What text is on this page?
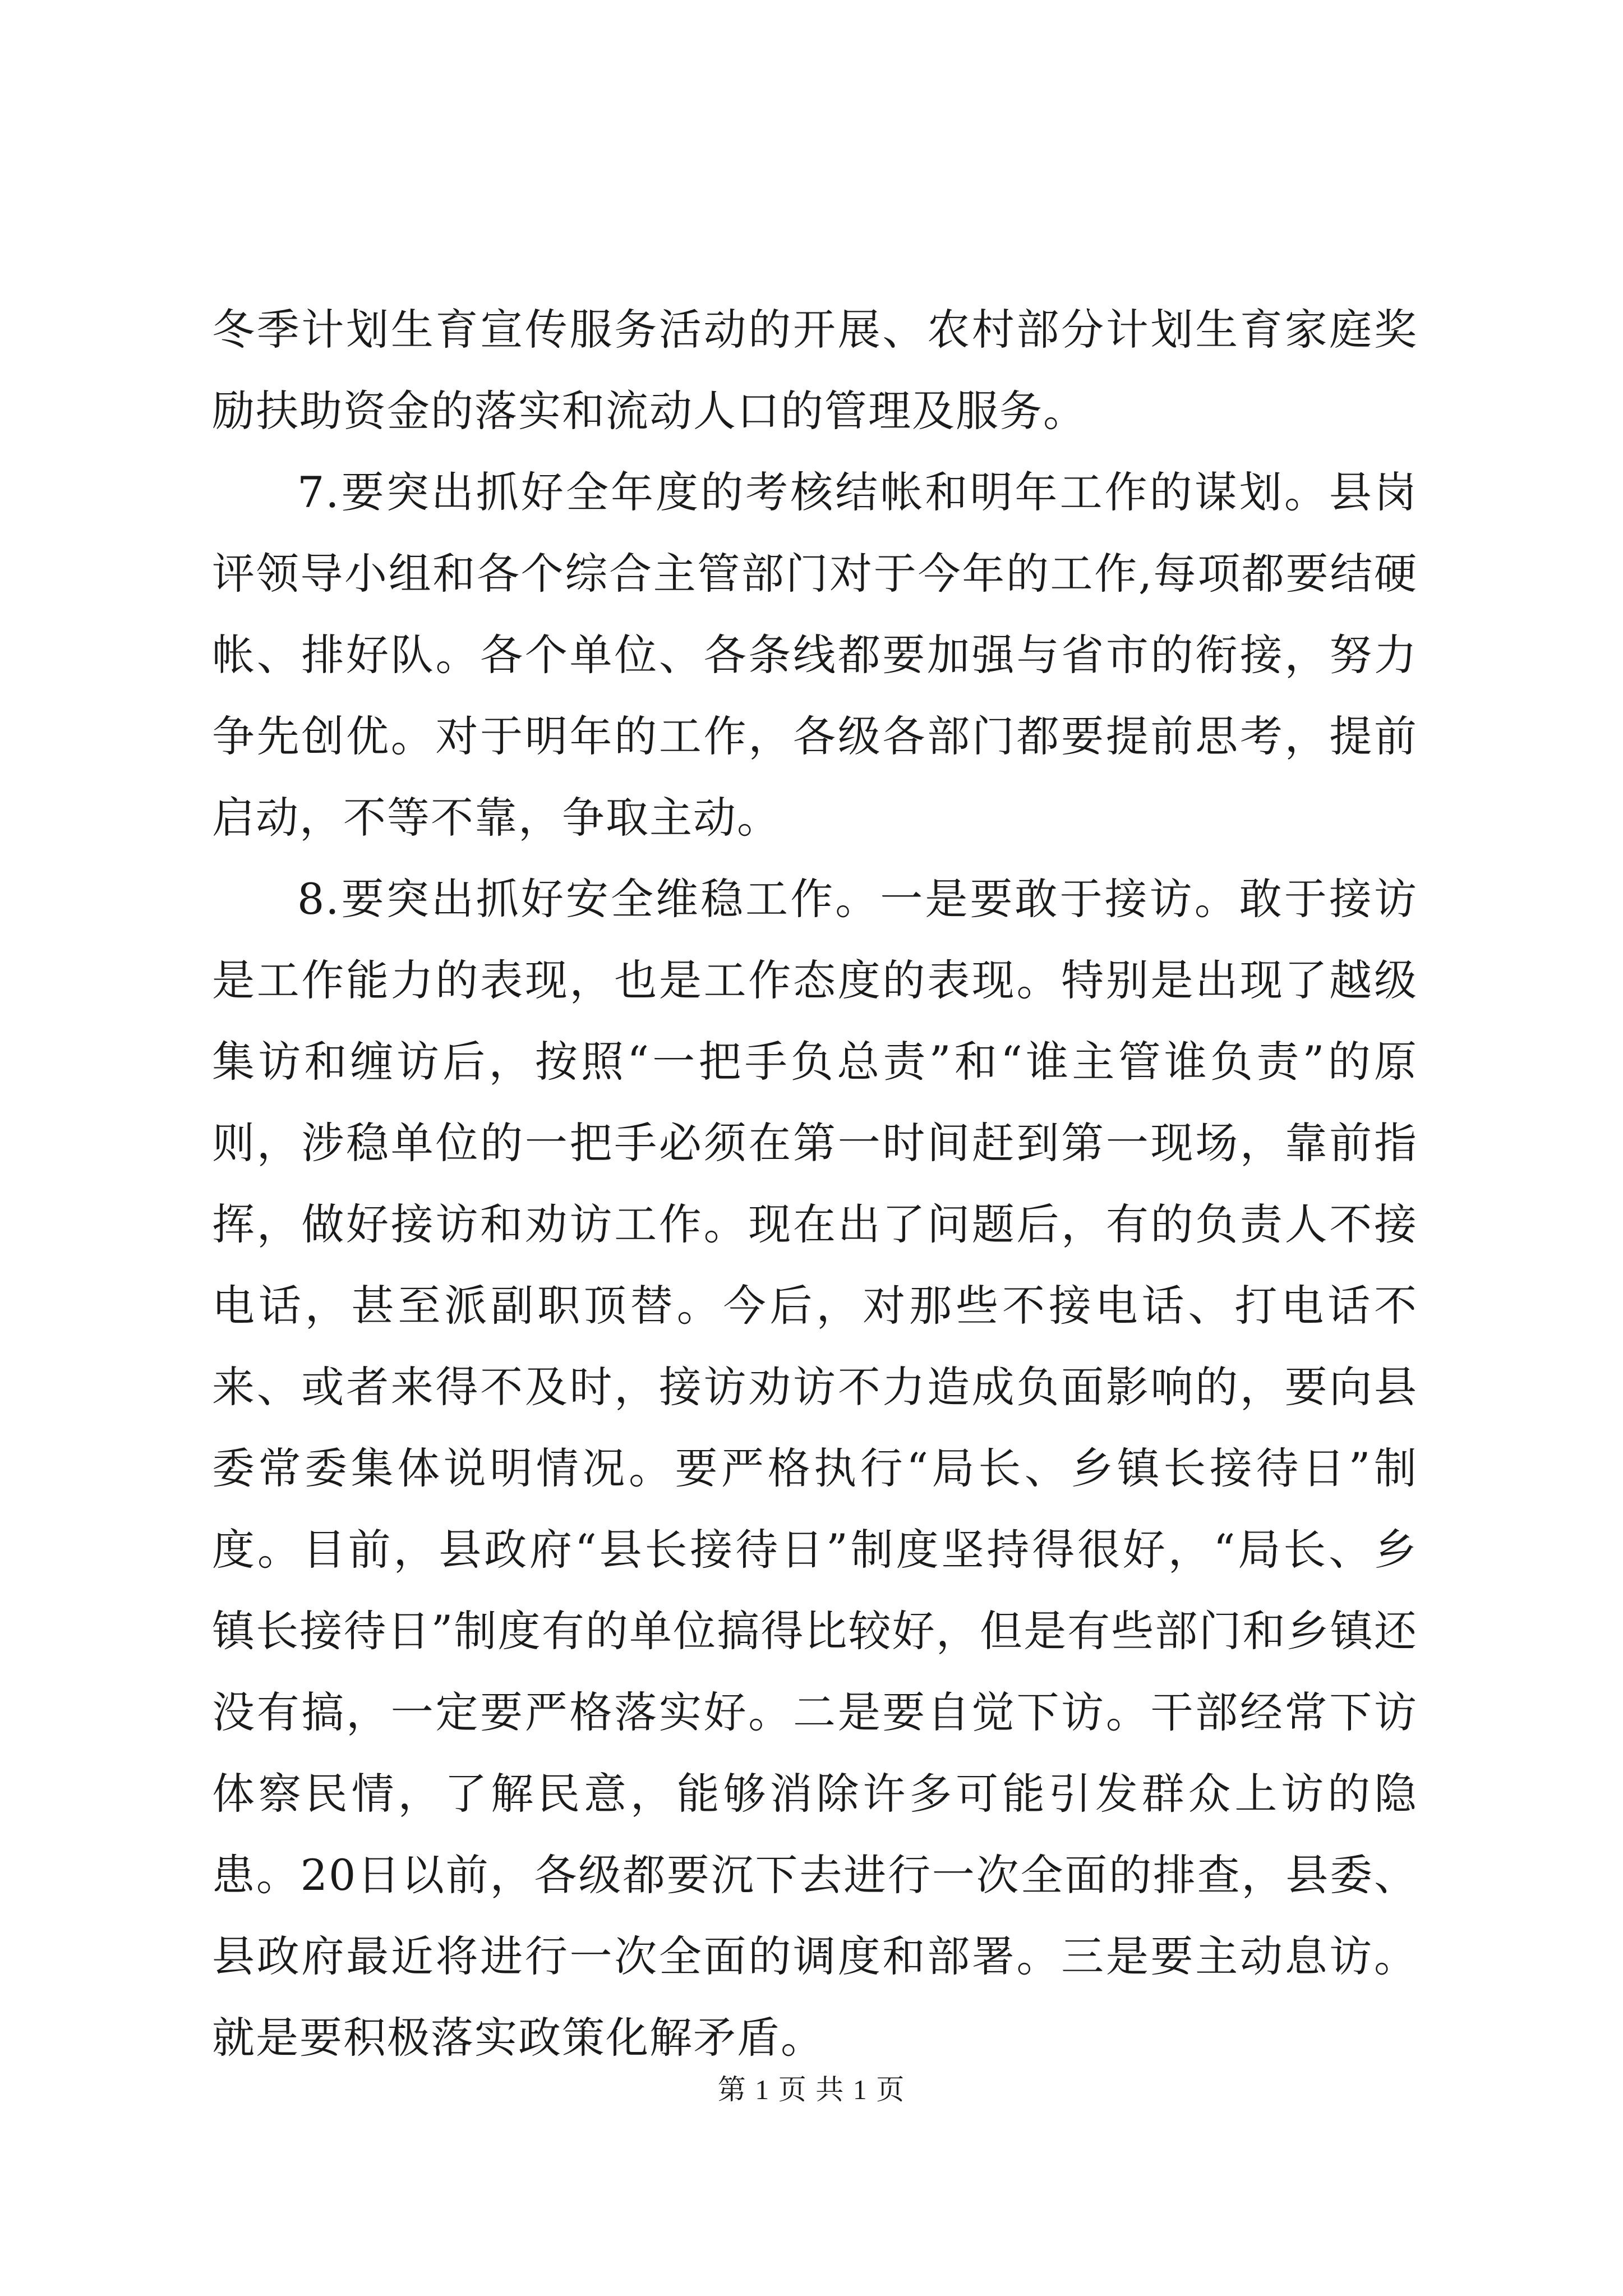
冬季计划生育宣传服务活动的开展、农村部分计划生育家庭奖励扶助资金的落实和流动人口的管理及服务。

7.要突出抓好全年度的考核结帐和明年工作的谋划。县岗评领导小组和各个综合主管部门对于今年的工作,每项都要结硬帐、排好队。各个单位、各条线都要加强与省市的衔接，努力争先创优。对于明年的工作，各级各部门都要提前思考，提前启动，不等不靠，争取主动。

8.要突出抓好安全维稳工作。一是要敢于接访。敢于接访是工作能力的表现，也是工作态度的表现。特别是出现了越级集访和缠访后，按照“一把手负总责”和“谁主管谁负责”的原则，涉稳单位的一把手必须在第一时间赶到第一现场，靠前指挥，做好接访和劝访工作。现在出了问题后，有的负责人不接电话，甚至派副职顶替。今后，对那些不接电话、打电话不来、或者来得不及时，接访劝访不力造成负面影响的，要向县委常委集体说明情况。要严格执行“局长、乡镇长接待日”制度。目前，县政府“县长接待日”制度坚持得很好，“局长、乡镇长接待日”制度有的单位搞得比较好，但是有些部门和乡镇还没有搞，一定要严格落实好。二是要自觉下访。干部经常下访体察民情，了解民意，能够消除许多可能引发群众上访的隐患。20日以前，各级都要沉下去进行一次全面的排查，县委、县政府最近将进行一次全面的调度和部署。三是要主动息访。就是要积极落实政策化解矛盾。

第 1 页 共 1 页
